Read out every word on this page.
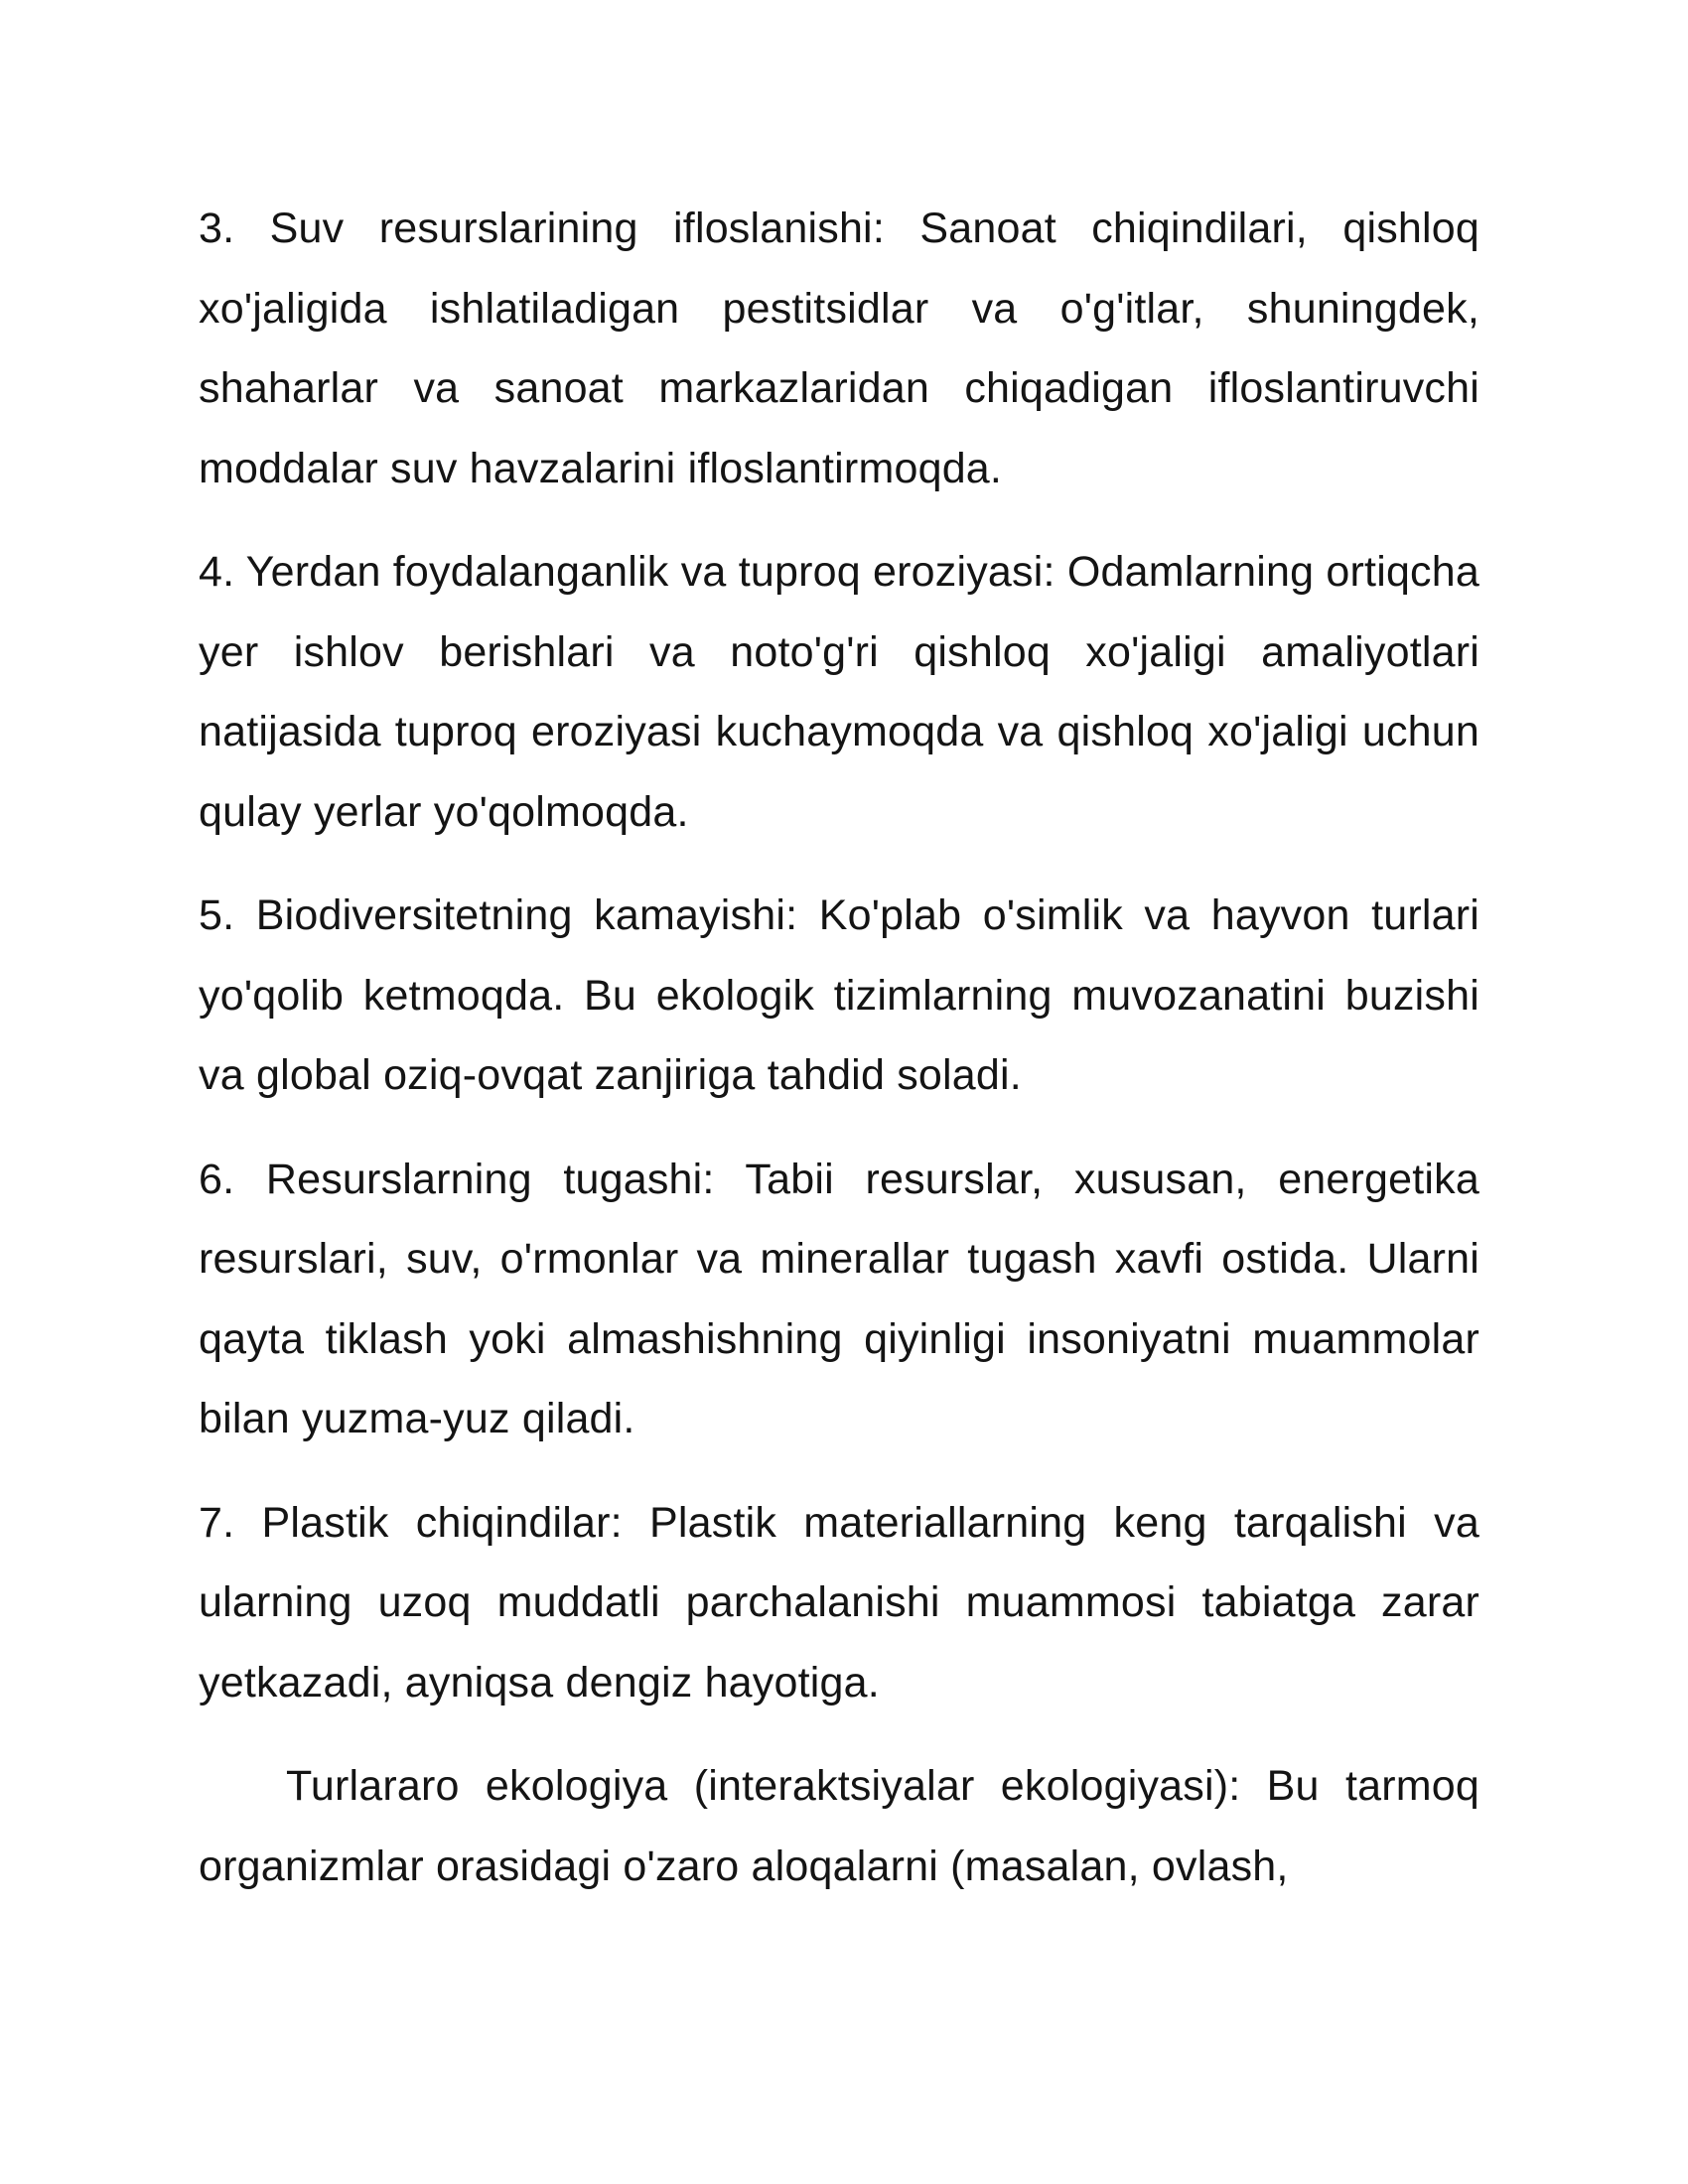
3. Suv resurslarining ifloslanishi: Sanoat chiqindilari, qishloq xo'jaligida ishlatiladigan pestitsidlar va o'g'itlar, shuningdek, shaharlar va sanoat markazlaridan chiqadigan ifloslantiruvchi moddalar suv havzalarini ifloslantirmoqda.

4. Yerdan foydalanganlik va tuproq eroziyasi: Odamlarning ortiqcha yer ishlov berishlari va noto'g'ri qishloq xo'jaligi amaliyotlari natijasida tuproq eroziyasi kuchaymoqda va qishloq xo'jaligi uchun qulay yerlar yo'qolmoqda.

5. Biodiversitetning kamayishi: Ko'plab o'simlik va hayvon turlari yo'qolib ketmoqda. Bu ekologik tizimlarning muvozanatini buzishi va global oziq-ovqat zanjiriga tahdid soladi.

6. Resurslarning tugashi: Tabii resurslar, xususan, energetika resurslari, suv, o'rmonlar va minerallar tugash xavfi ostida. Ularni qayta tiklash yoki almashishning qiyinligi insoniyatni muammolar bilan yuzma-yuz qiladi.

7. Plastik chiqindilar: Plastik materiallarning keng tarqalishi va ularning uzoq muddatli parchalanishi muammosi tabiatga zarar yetkazadi, ayniqsa dengiz hayotiga.

Turlararo ekologiya (interaktsiyalar ekologiyasi): Bu tarmoq organizmlar orasidagi o'zaro aloqalarni (masalan, ovlash,
